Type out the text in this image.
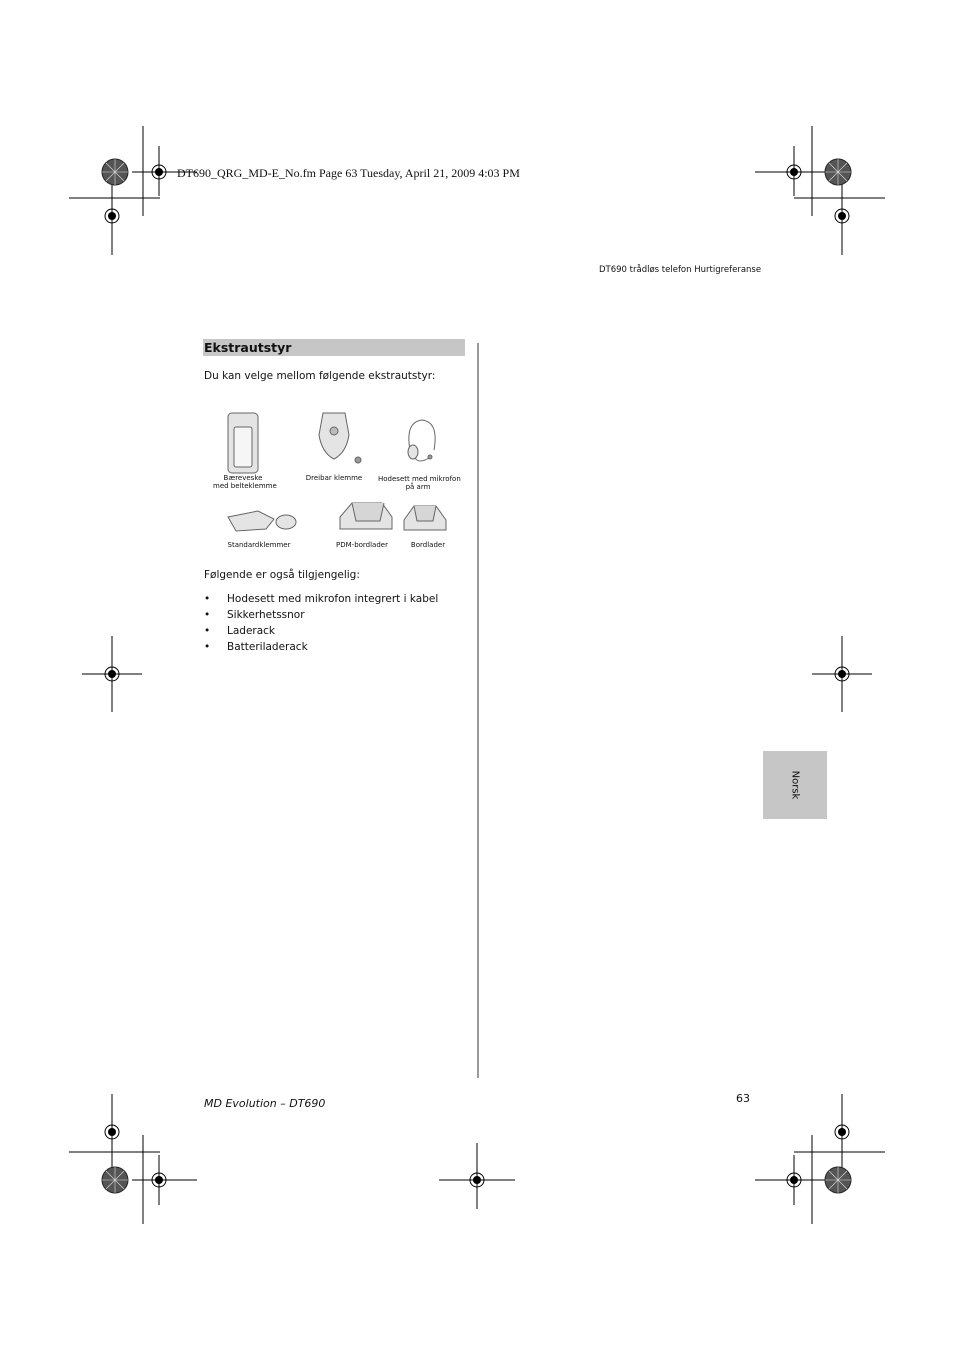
DT690_QRG_MD-E_No.fm Page 63 Tuesday, April 21, 2009 4:03 PM
DT690 trådløs telefon Hurtigreferanse
Ekstrautstyr
Du kan velge mellom følgende ekstrautstyr:
Bæreveske
med belteklemme
Dreibar klemme	Hodesett med mikrofon
på arm
Standardklemmer	PDM-bordlader	Bordlader
Følgende er også tilgjengelig:
• Hodesett med mikrofon integrert i kabel
• Sikkerhetssnor
• Laderack
• Batteriladerack
Norsk
MD Evolution – DT690	63
